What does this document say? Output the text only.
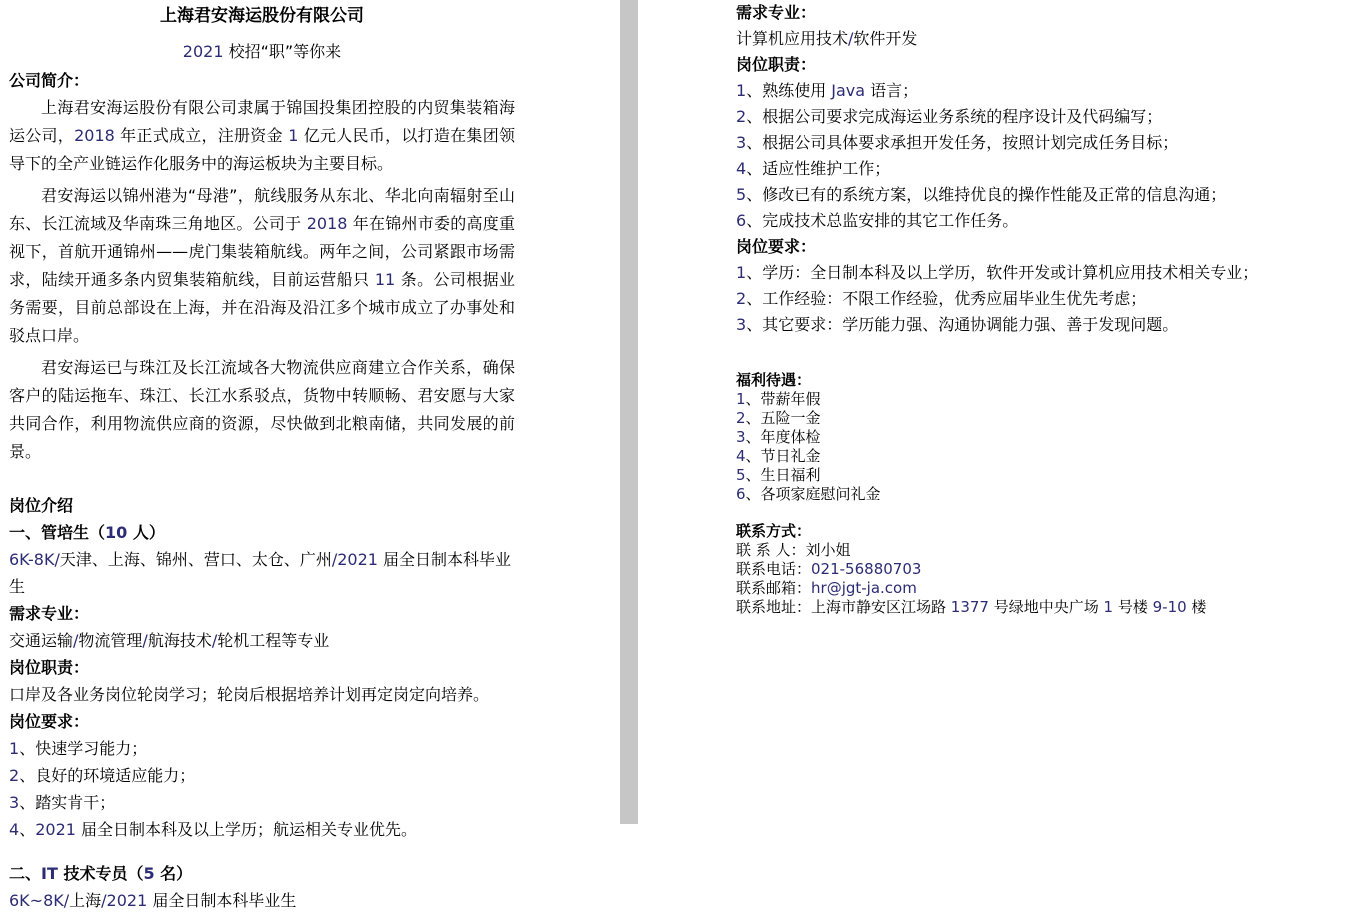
上海君安海运股份有限公司
2021 校招“职”等你来
公司简介：

上海君安海运股份有限公司隶属于锦国投集团控股的内贸集装箱海运公司，2018 年正式成立，注册资金 1 亿元人民币，以打造在集团领导下的全产业链运作化服务中的海运板块为主要目标。

君安海运以锦州港为“母港”，航线服务从东北、华北向南辐射至山东、长江流域及华南珠三角地区。公司于 2018 年在锦州市委的高度重视下，首航开通锦州——虎门集装箱航线。两年之间，公司紧跟市场需求，陆续开通多条内贸集装箱航线，目前运营船只 11 条。公司根据业务需要，目前总部设在上海，并在沿海及沿江多个城市成立了办事处和驳点口岸。

君安海运已与珠江及长江流域各大物流供应商建立合作关系，确保客户的陆运拖车、珠江、长江水系驳点，货物中转顺畅、君安愿与大家共同合作，利用物流供应商的资源，尽快做到北粮南储，共同发展的前景。

岗位介绍
一、管培生（10 人）
6K-8K/天津、上海、锦州、营口、太仓、广州/2021 届全日制本科毕业生
需求专业：
交通运输/物流管理/航海技术/轮机工程等专业
岗位职责：
口岸及各业务岗位轮岗学习；轮岗后根据培养计划再定岗定向培养。
岗位要求：
1、快速学习能力；
2、良好的环境适应能力；
3、踏实肯干；
4、2021 届全日制本科及以上学历；航运相关专业优先。
二、IT 技术专员（5 名）
6K~8K/上海/2021 届全日制本科毕业生
需求专业：
计算机应用技术/软件开发
岗位职责：
1、熟练使用 Java 语言；
2、根据公司要求完成海运业务系统的程序设计及代码编写；
3、根据公司具体要求承担开发任务，按照计划完成任务目标；
4、适应性维护工作；
5、修改已有的系统方案，以维持优良的操作性能及正常的信息沟通；
6、完成技术总监安排的其它工作任务。
岗位要求：
1、学历：全日制本科及以上学历，软件开发或计算机应用技术相关专业；
2、工作经验：不限工作经验，优秀应届毕业生优先考虑；
3、其它要求：学历能力强、沟通协调能力强、善于发现问题。
福利待遇：
1、带薪年假
2、五险一金
3、年度体检
4、节日礼金
5、生日福利
6、各项家庭慰问礼金
联系方式：
联 系 人：刘小姐
联系电话：021-56880703
联系邮箱：hr@jgt-ja.com
联系地址：上海市静安区江场路 1377 号绿地中央广场 1 号楼 9-10 楼
